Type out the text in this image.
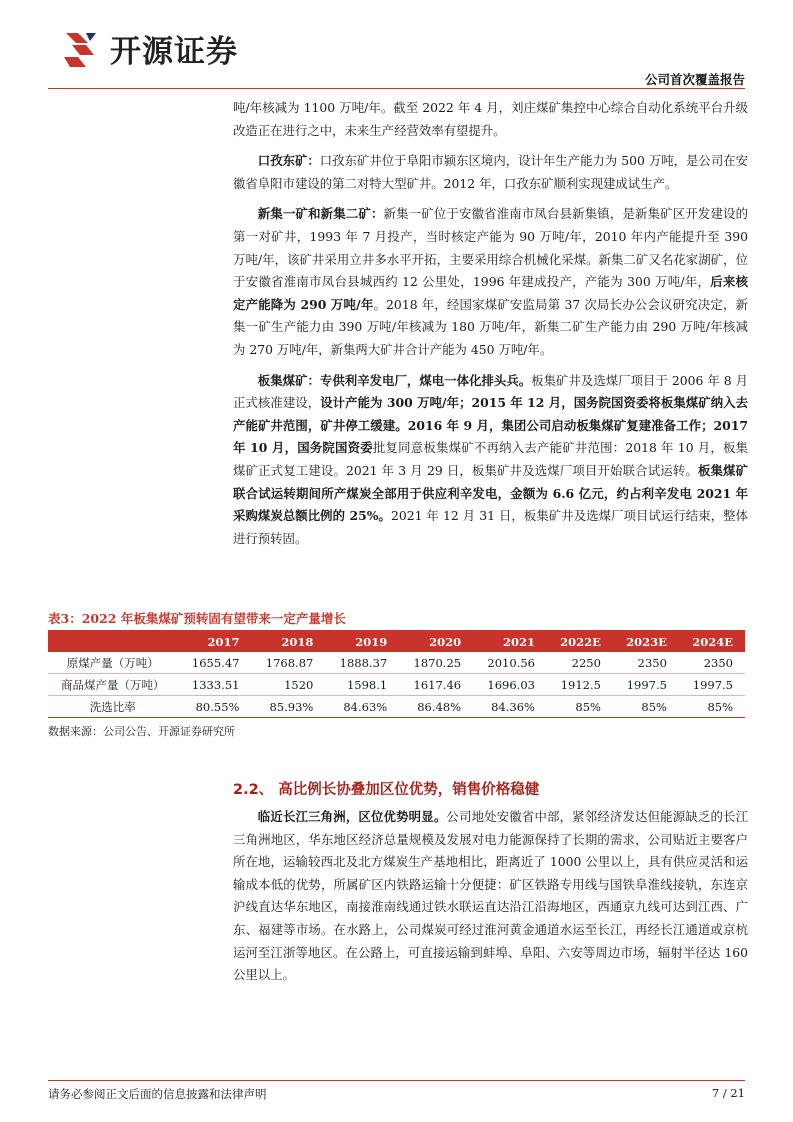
开源证券
公司首次覆盖报告

吨/年核减为 1100 万吨/年。截至 2022 年 4 月，刘庄煤矿集控中心综合自动化系统平台升级改造正在进行之中，未来生产经营效率有望提升。

口孜东矿：口孜东矿井位于阜阳市颍东区境内，设计年生产能力为 500 万吨，是公司在安徽省阜阳市建设的第二对特大型矿井。2012 年，口孜东矿顺利实现建成试生产。

新集一矿和新集二矿：新集一矿位于安徽省淮南市凤台县新集镇，是新集矿区开发建设的第一对矿井，1993 年 7 月投产，当时核定产能为 90 万吨/年，2010 年内产能提升至 390 万吨/年，该矿井采用立井多水平开拓，主要采用综合机械化采煤。新集二矿又名花家湖矿，位于安徽省淮南市凤台县城西约 12 公里处，1996 年建成投产，产能为 300 万吨/年，后来核定产能降为 290 万吨/年。2018 年，经国家煤矿安监局第 37 次局长办公会议研究决定，新集一矿生产能力由 390 万吨/年核减为 180 万吨/年，新集二矿生产能力由 290 万吨/年核减为 270 万吨/年，新集两大矿井合计产能为 450 万吨/年。

板集煤矿：专供利辛发电厂，煤电一体化排头兵。板集矿井及选煤厂项目于 2006 年 8 月正式核准建设，设计产能为 300 万吨/年；2015 年 12 月，国务院国资委将板集煤矿纳入去产能矿井范围，矿井停工缓建。2016 年 9 月，集团公司启动板集煤矿复建准备工作；2017 年 10 月，国务院国资委批复同意板集煤矿不再纳入去产能矿井范围：2018 年 10 月，板集煤矿正式复工建设。2021 年 3 月 29 日，板集矿井及选煤厂项目开始联合试运转。板集煤矿联合试运转期间所产煤炭全部用于供应利辛发电，金额为 6.6 亿元，约占利辛发电 2021 年采购煤炭总额比例的 25%。2021 年 12 月 31 日，板集矿井及选煤厂项目试运行结束，整体进行预转固。

表3：2022 年板集煤矿预转固有望带来一定产量增长
	2017	2018	2019	2020	2021	2022E	2023E	2024E
原煤产量（万吨）	1655.47	1768.87	1888.37	1870.25	2010.56	2250	2350	2350
商品煤产量（万吨）	1333.51	1520	1598.1	1617.46	1696.03	1912.5	1997.5	1997.5
洗选比率	80.55%	85.93%	84.63%	86.48%	84.36%	85%	85%	85%
数据来源：公司公告、开源证券研究所
2.2、 高比例长协叠加区位优势，销售价格稳健

临近长江三角洲，区位优势明显。公司地处安徽省中部，紧邻经济发达但能源缺乏的长江三角洲地区，华东地区经济总量规模及发展对电力能源保持了长期的需求，公司贴近主要客户所在地，运输较西北及北方煤炭生产基地相比，距离近了 1000 公里以上，具有供应灵活和运输成本低的优势，所属矿区内铁路运输十分便捷：矿区铁路专用线与国铁阜淮线接轨，东连京沪线直达华东地区，南接淮南线通过铁水联运直达沿江沿海地区，西通京九线可达到江西、广东、福建等市场。在水路上，公司煤炭可经过淮河黄金通道水运至长江，再经长江通道或京杭运河至江浙等地区。在公路上，可直接运输到蚌埠、阜阳、六安等周边市场，辐射半径达 160 公里以上。

请务必参阅正文后面的信息披露和法律声明	7 / 21
